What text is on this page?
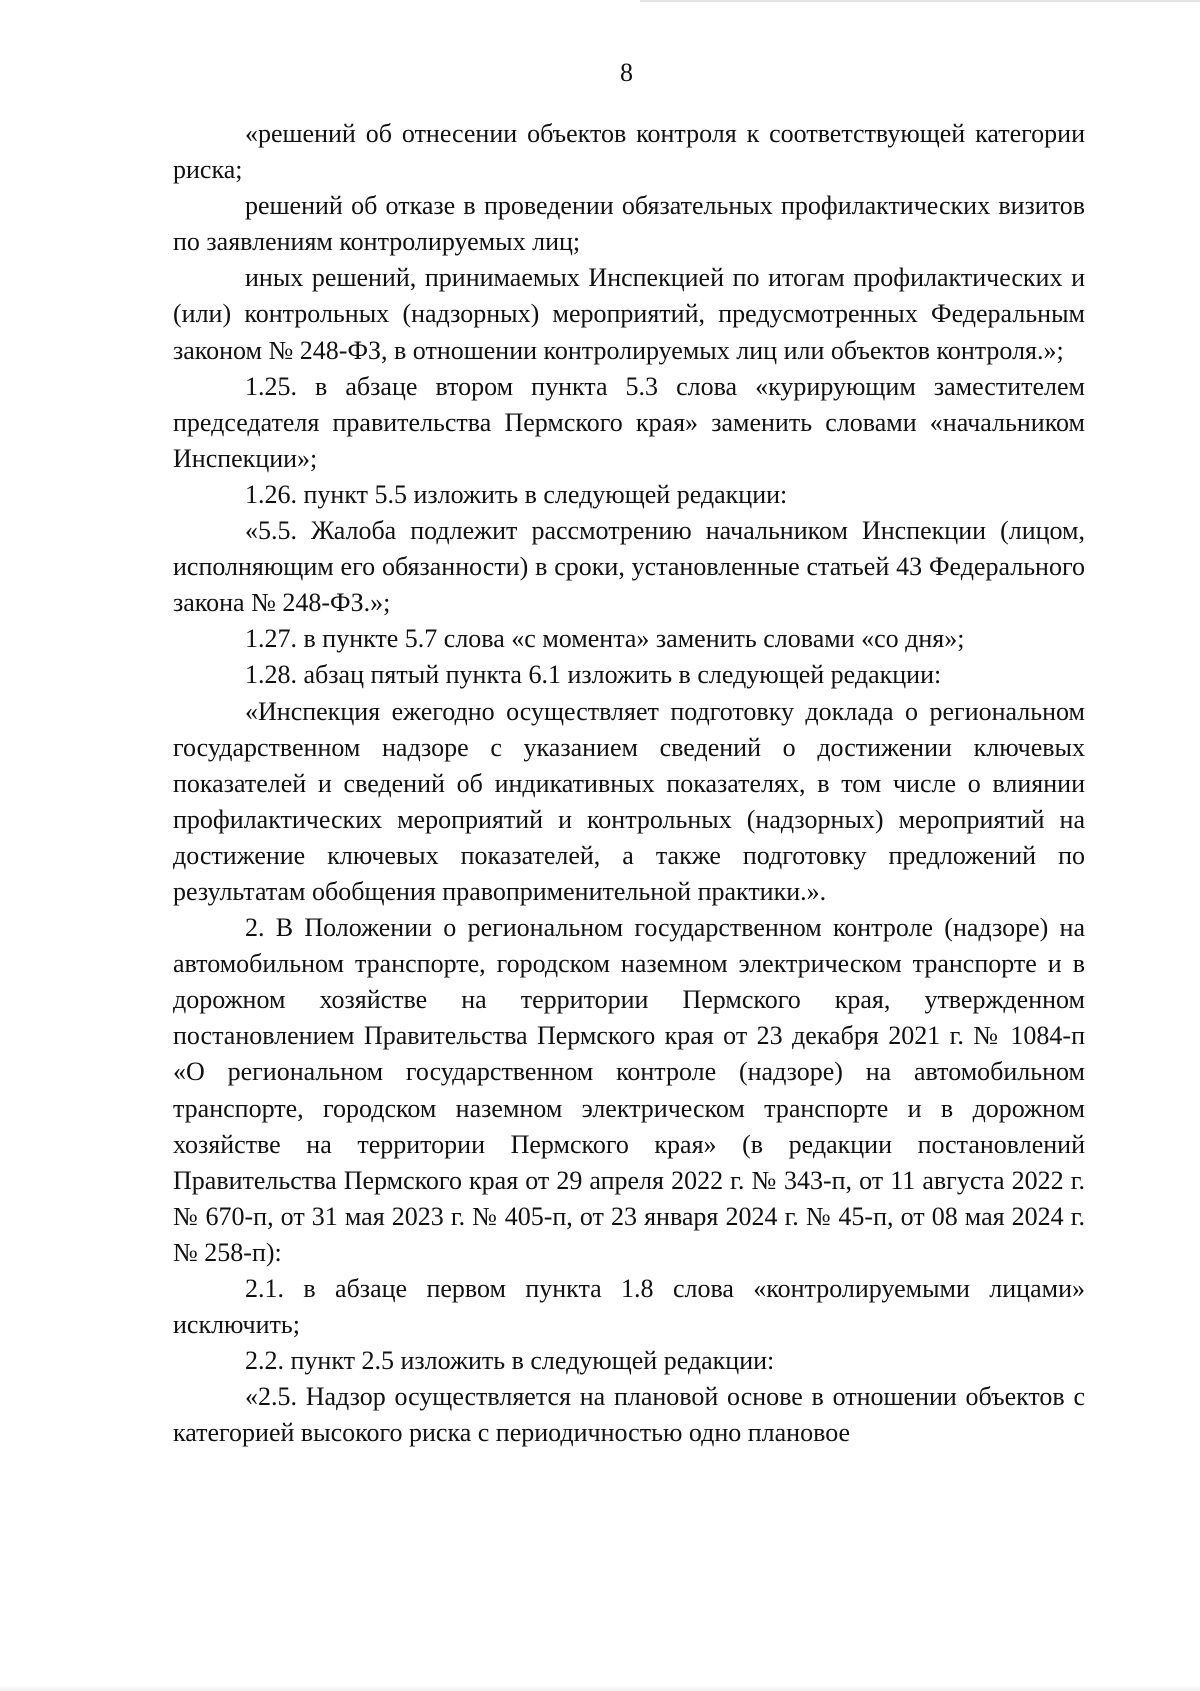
8

«решений об отнесении объектов контроля к соответствующей категории риска;

решений об отказе в проведении обязательных профилактических визитов по заявлениям контролируемых лиц;

иных решений, принимаемых Инспекцией по итогам профилактических и (или) контрольных (надзорных) мероприятий, предусмотренных Федеральным законом № 248-ФЗ, в отношении контролируемых лиц или объектов контроля.»;

1.25. в абзаце втором пункта 5.3 слова «курирующим заместителем председателя правительства Пермского края» заменить словами «начальником Инспекции»;

1.26. пункт 5.5 изложить в следующей редакции:

«5.5. Жалоба подлежит рассмотрению начальником Инспекции (лицом, исполняющим его обязанности) в сроки, установленные статьей 43 Федерального закона № 248-ФЗ.»;

1.27. в пункте 5.7 слова «с момента» заменить словами «со дня»;

1.28. абзац пятый пункта 6.1 изложить в следующей редакции:

«Инспекция ежегодно осуществляет подготовку доклада о региональном государственном надзоре с указанием сведений о достижении ключевых показателей и сведений об индикативных показателях, в том числе о влиянии профилактических мероприятий и контрольных (надзорных) мероприятий на достижение ключевых показателей, а также подготовку предложений по результатам обобщения правоприменительной практики.».

2. В Положении о региональном государственном контроле (надзоре) на автомобильном транспорте, городском наземном электрическом транспорте и в дорожном хозяйстве на территории Пермского края, утвержденном постановлением Правительства Пермского края от 23 декабря 2021 г. № 1084-п «О региональном государственном контроле (надзоре) на автомобильном транспорте, городском наземном электрическом транспорте и в дорожном хозяйстве на территории Пермского края» (в редакции постановлений Правительства Пермского края от 29 апреля 2022 г. № 343-п, от 11 августа 2022 г. № 670-п, от 31 мая 2023 г. № 405-п, от 23 января 2024 г. № 45-п, от 08 мая 2024 г. № 258-п):

2.1. в абзаце первом пункта 1.8 слова «контролируемыми лицами» исключить;

2.2. пункт 2.5 изложить в следующей редакции:

«2.5. Надзор осуществляется на плановой основе в отношении объектов с категорией высокого риска с периодичностью одно плановое
